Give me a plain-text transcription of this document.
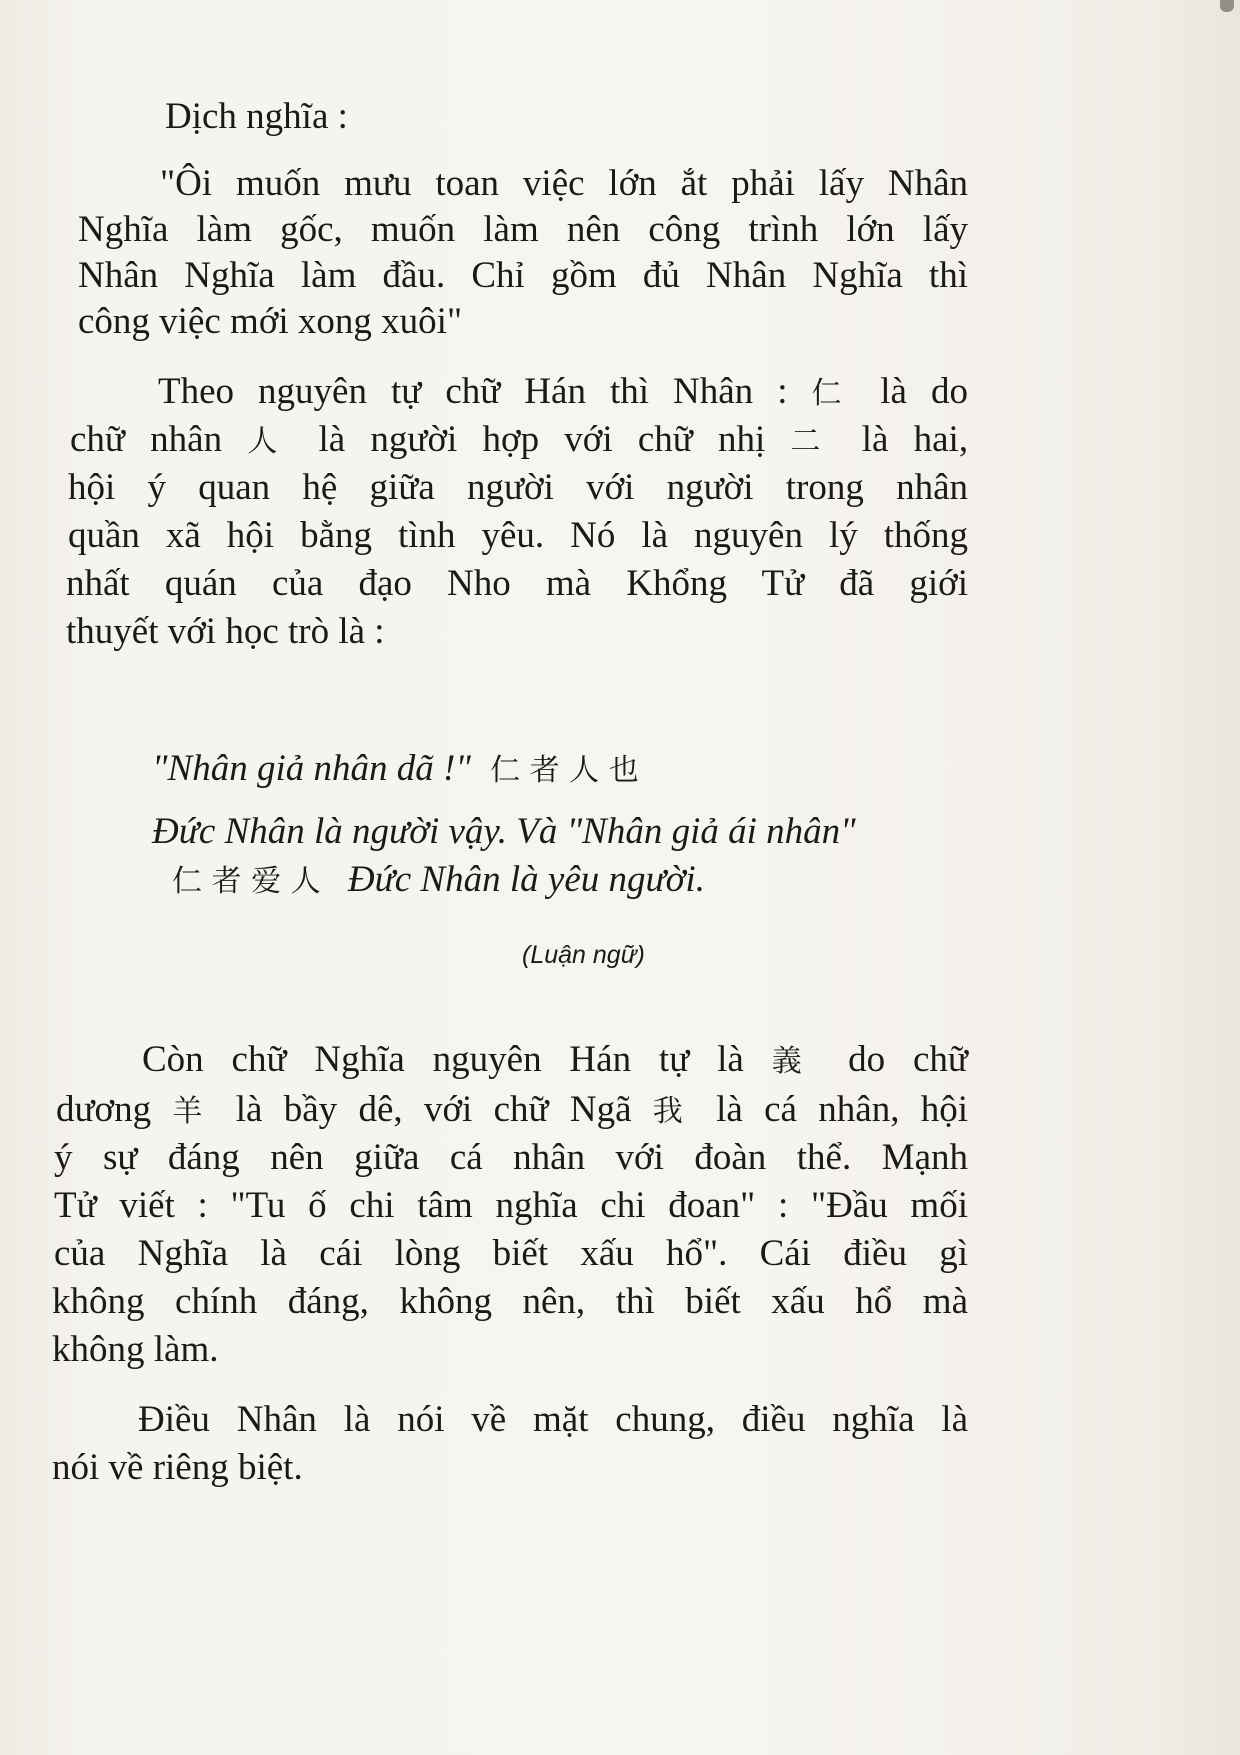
Dịch nghĩa :
"Ôi muốn mưu toan việc lớn ắt phải lấy Nhân
Nghĩa làm gốc, muốn làm nên công trình lớn lấy
Nhân Nghĩa làm đầu. Chỉ gồm đủ Nhân Nghĩa thì
công việc mới xong xuôi"
Theo nguyên tự chữ Hán thì Nhân : 仁 là do
chữ nhân 人 là người hợp với chữ nhị 二 là hai,
hội ý quan hệ giữa người với người trong nhân
quần xã hội bằng tình yêu. Nó là nguyên lý thống
nhất quán của đạo Nho mà Khổng Tử đã giới
thuyết với học trò là :
"Nhân giả nhân dã !" 仁 者 人 也
Đức Nhân là người vậy. Và "Nhân giả ái nhân"
仁 者 爱 人 Đức Nhân là yêu người.
(Luận ngữ)
Còn chữ Nghĩa nguyên Hán tự là 義 do chữ
dương 羊 là bầy dê, với chữ Ngã 我 là cá nhân, hội
ý sự đáng nên giữa cá nhân với đoàn thể. Mạnh
Tử viết : "Tu ố chi tâm nghĩa chi đoan" : "Đầu mối
của Nghĩa là cái lòng biết xấu hổ". Cái điều gì
không chính đáng, không nên, thì biết xấu hổ mà
không làm.
Điều Nhân là nói về mặt chung, điều nghĩa là
nói về riêng biệt.
